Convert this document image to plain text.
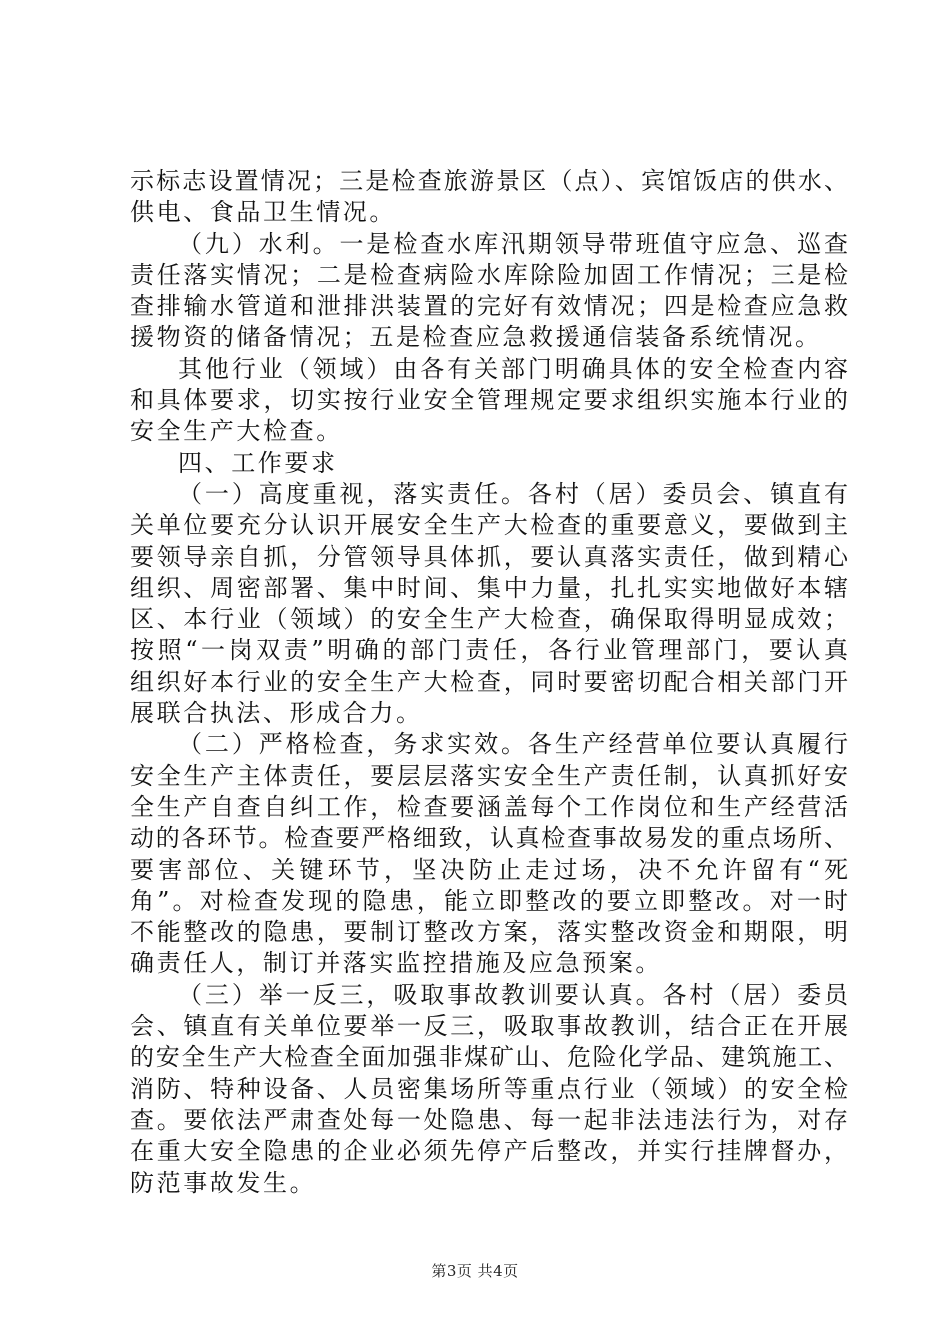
示标志设置情况；三是检查旅游景区（点）、宾馆饭店的供水、
供电、食品卫生情况。
（九）水利。一是检查水库汛期领导带班值守应急、巡查
责任落实情况；二是检查病险水库除险加固工作情况；三是检
查排输水管道和泄排洪装置的完好有效情况；四是检查应急救
援物资的储备情况；五是检查应急救援通信装备系统情况。
其他行业（领域）由各有关部门明确具体的安全检查内容
和具体要求，切实按行业安全管理规定要求组织实施本行业的
安全生产大检查。
四、工作要求
（一）高度重视，落实责任。各村（居）委员会、镇直有
关单位要充分认识开展安全生产大检查的重要意义，要做到主
要领导亲自抓，分管领导具体抓，要认真落实责任，做到精心
组织、周密部署、集中时间、集中力量，扎扎实实地做好本辖
区、本行业（领域）的安全生产大检查，确保取得明显成效；
按照“一岗双责”明确的部门责任，各行业管理部门，要认真
组织好本行业的安全生产大检查，同时要密切配合相关部门开
展联合执法、形成合力。
（二）严格检查，务求实效。各生产经营单位要认真履行
安全生产主体责任，要层层落实安全生产责任制，认真抓好安
全生产自查自纠工作，检查要涵盖每个工作岗位和生产经营活
动的各环节。检查要严格细致，认真检查事故易发的重点场所、
要害部位、关键环节，坚决防止走过场，决不允许留有“死
角”。对检查发现的隐患，能立即整改的要立即整改。对一时
不能整改的隐患，要制订整改方案，落实整改资金和期限，明
确责任人，制订并落实监控措施及应急预案。
（三）举一反三，吸取事故教训要认真。各村（居）委员
会、镇直有关单位要举一反三，吸取事故教训，结合正在开展
的安全生产大检查全面加强非煤矿山、危险化学品、建筑施工、
消防、特种设备、人员密集场所等重点行业（领域）的安全检
查。要依法严肃查处每一处隐患、每一起非法违法行为，对存
在重大安全隐患的企业必须先停产后整改，并实行挂牌督办，
防范事故发生。
第3页 共4页
